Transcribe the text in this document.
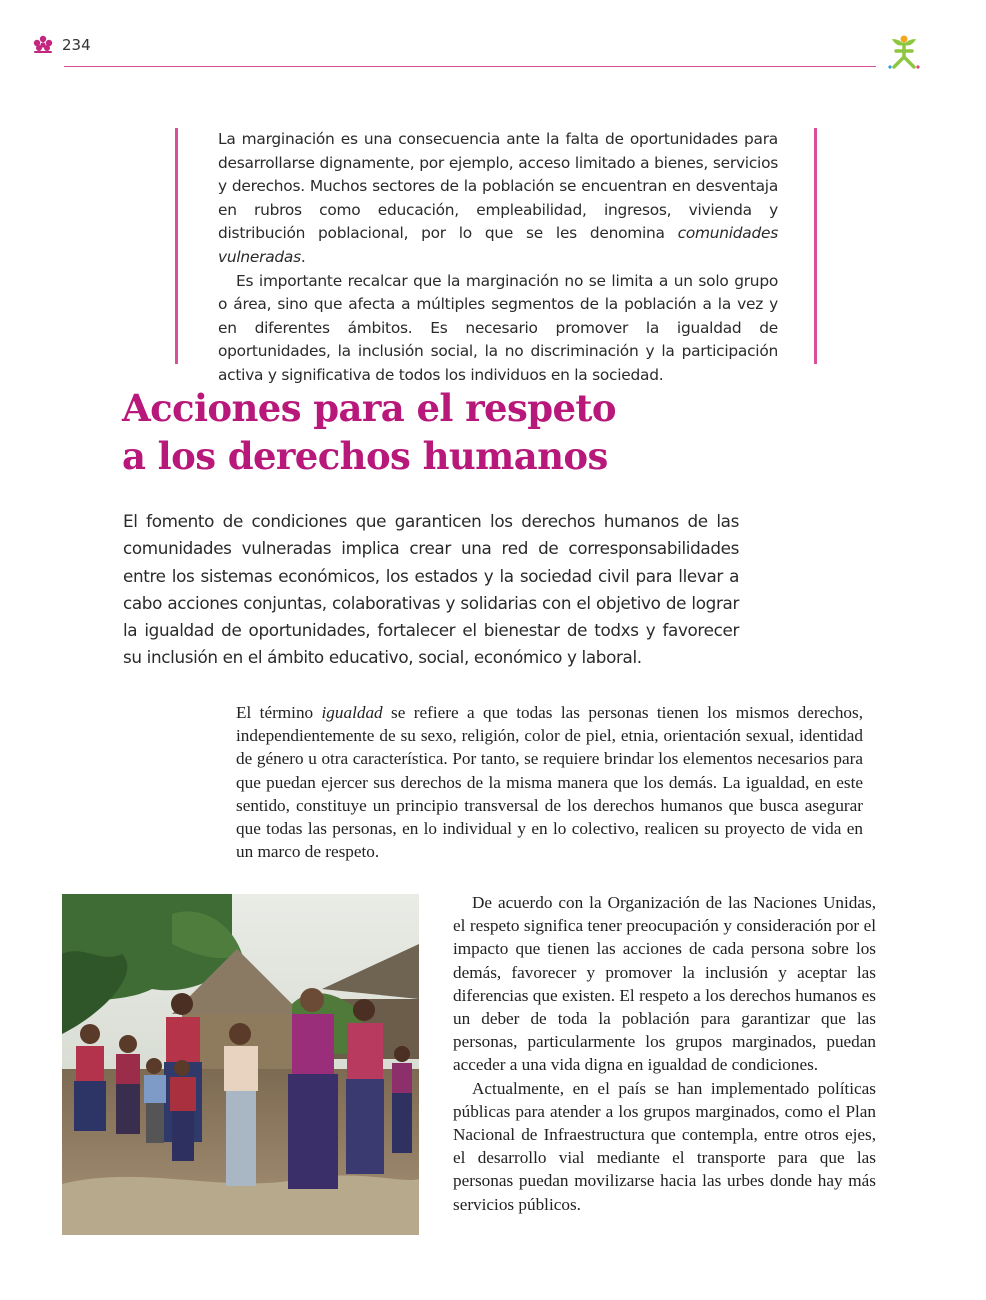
234

La marginación es una consecuencia ante la falta de oportunidades para desarrollarse dignamente, por ejemplo, acceso limitado a bienes, servicios y derechos. Muchos sectores de la población se encuentran en desventaja en rubros como educación, empleabilidad, ingresos, vivienda y distribución poblacional, por lo que se les denomina comunidades vulneradas.

Es importante recalcar que la marginación no se limita a un solo grupo o área, sino que afecta a múltiples segmentos de la población a la vez y en diferentes ámbitos. Es necesario promover la igualdad de oportunidades, la inclusión social, la no discriminación y la participación activa y significativa de todos los individuos en la sociedad.

Acciones para el respeto
a los derechos humanos

El fomento de condiciones que garanticen los derechos humanos de las comunidades vulneradas implica crear una red de corresponsabilidades entre los sistemas económicos, los estados y la sociedad civil para llevar a cabo acciones conjuntas, colaborativas y solidarias con el objetivo de lograr la igualdad de oportunidades, fortalecer el bienestar de todxs y favorecer su inclusión en el ámbito educativo, social, económico y laboral.

El término igualdad se refiere a que todas las personas tienen los mismos derechos, independientemente de su sexo, religión, color de piel, etnia, orientación sexual, identidad de género u otra característica. Por tanto, se requiere brindar los elementos necesarios para que puedan ejercer sus derechos de la misma manera que los demás. La igualdad, en este sentido, constituye un principio transversal de los derechos humanos que busca asegurar que todas las personas, en lo individual y en lo colectivo, realicen su proyecto de vida en un marco de respeto.

De acuerdo con la Organización de las Naciones Unidas, el respeto significa tener preocupación y consideración por el impacto que tienen las acciones de cada persona sobre los demás, favorecer y promover la inclusión y aceptar las diferencias que existen. El respeto a los derechos humanos es un deber de toda la población para garantizar que las personas, particularmente los grupos marginados, puedan acceder a una vida digna en igualdad de condiciones.

Actualmente, en el país se han implementado políticas públicas para atender a los grupos marginados, como el Plan Nacional de Infraestructura que contempla, entre otros ejes, el desarrollo vial mediante el transporte para que las personas puedan movilizarse hacia las urbes donde hay más servicios públicos.
